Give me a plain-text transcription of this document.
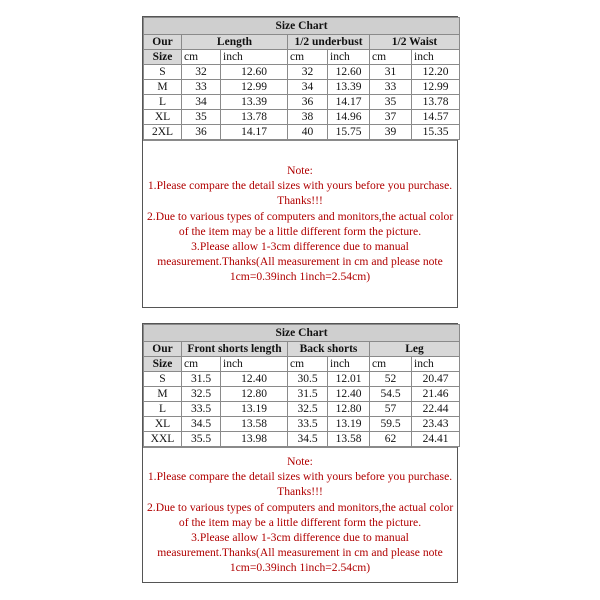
Size Chart						
Our	Length		1/2 underbust		1/2 Waist	
Size	cm	inch	cm	inch	cm	inch
S	32	12.60	32	12.60	31	12.20
M	33	12.99	34	13.39	33	12.99
L	34	13.39	36	14.17	35	13.78
XL	35	13.78	38	14.96	37	14.57
2XL	36	14.17	40	15.75	39	15.35
Note:
1.Please compare the detail sizes with yours before you purchase.
Thanks!!!
2.Due to various types of computers and monitors,the actual color
of the item may be a little different form the picture.
3.Please allow 1-3cm difference due to manual
measurement.Thanks(All measurement in cm and please note
1cm=0.39inch 1inch=2.54cm)
Size Chart						
Our	Front shorts length		Back shorts		Leg	
Size	cm	inch	cm	inch	cm	inch
S	31.5	12.40	30.5	12.01	52	20.47
M	32.5	12.80	31.5	12.40	54.5	21.46
L	33.5	13.19	32.5	12.80	57	22.44
XL	34.5	13.58	33.5	13.19	59.5	23.43
XXL	35.5	13.98	34.5	13.58	62	24.41
Note:
1.Please compare the detail sizes with yours before you purchase.
Thanks!!!
2.Due to various types of computers and monitors,the actual color
of the item may be a little different form the picture.
3.Please allow 1-3cm difference due to manual
measurement.Thanks(All measurement in cm and please note
1cm=0.39inch 1inch=2.54cm)
